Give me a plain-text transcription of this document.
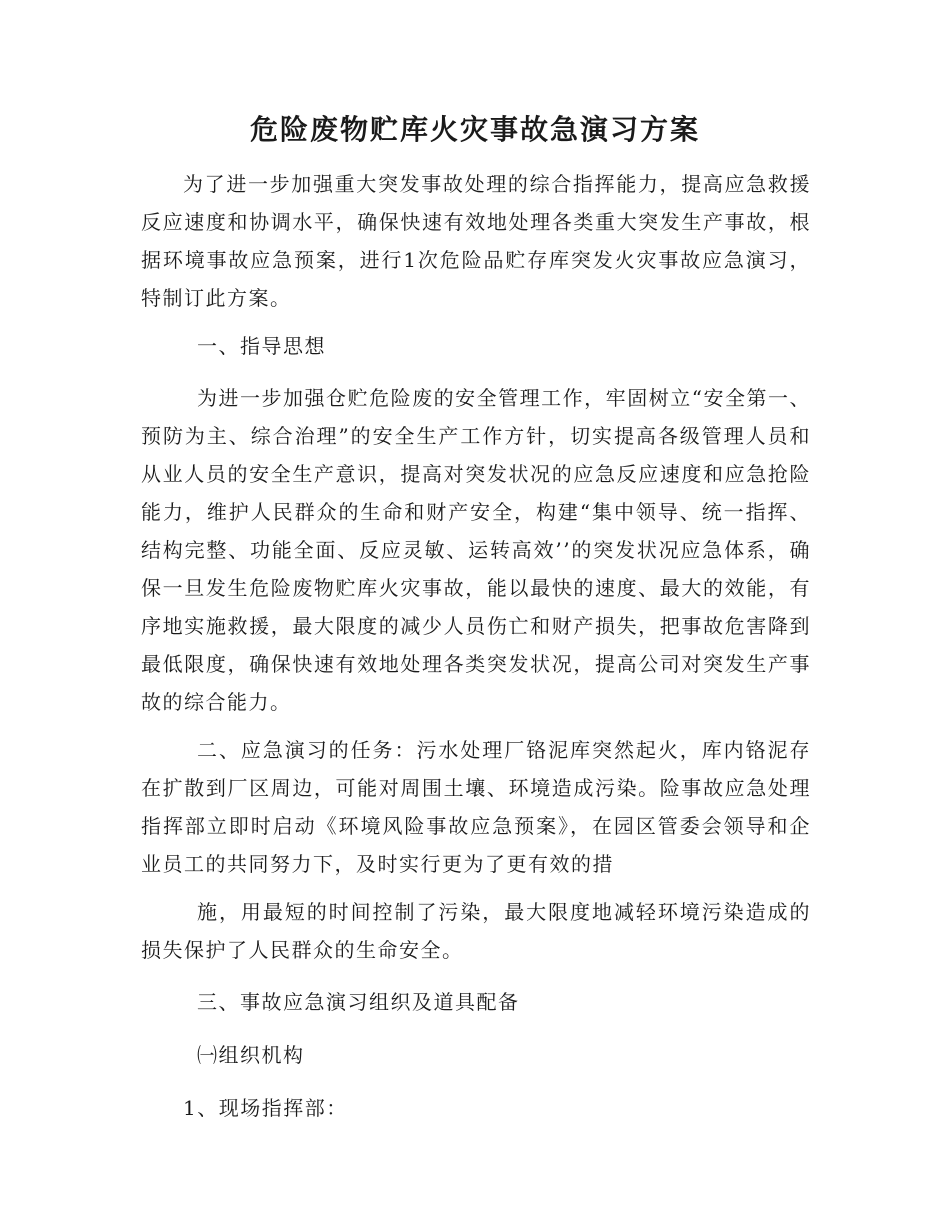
危险废物贮库火灾事故急演习方案

为了进一步加强重大突发事故处理的综合指挥能力，提高应急救援反应速度和协调水平，确保快速有效地处理各类重大突发生产事故，根据环境事故应急预案，进行1次危险品贮存库突发火灾事故应急演习，特制订此方案。

一、指导思想

为进一步加强仓贮危险废的安全管理工作，牢固树立“安全第一、预防为主、综合治理”的安全生产工作方针，切实提高各级管理人员和从业人员的安全生产意识，提高对突发状况的应急反应速度和应急抢险能力，维护人民群众的生命和财产安全，构建“集中领导、统一指挥、结构完整、功能全面、反应灵敏、运转高效’’的突发状况应急体系，确保一旦发生危险废物贮库火灾事故，能以最快的速度、最大的效能，有序地实施救援，最大限度的减少人员伤亡和财产损失，把事故危害降到最低限度，确保快速有效地处理各类突发状况，提高公司对突发生产事故的综合能力。

二、应急演习的任务：污水处理厂铬泥库突然起火，库内铬泥存在扩散到厂区周边，可能对周围土壤、环境造成污染。险事故应急处理指挥部立即时启动《环境风险事故应急预案》，在园区管委会领导和企业员工的共同努力下，及时实行更为了更有效的措

施，用最短的时间控制了污染，最大限度地减轻环境污染造成的损失保护了人民群众的生命安全。

三、事故应急演习组织及道具配备

㈠组织机构

1、现场指挥部：
